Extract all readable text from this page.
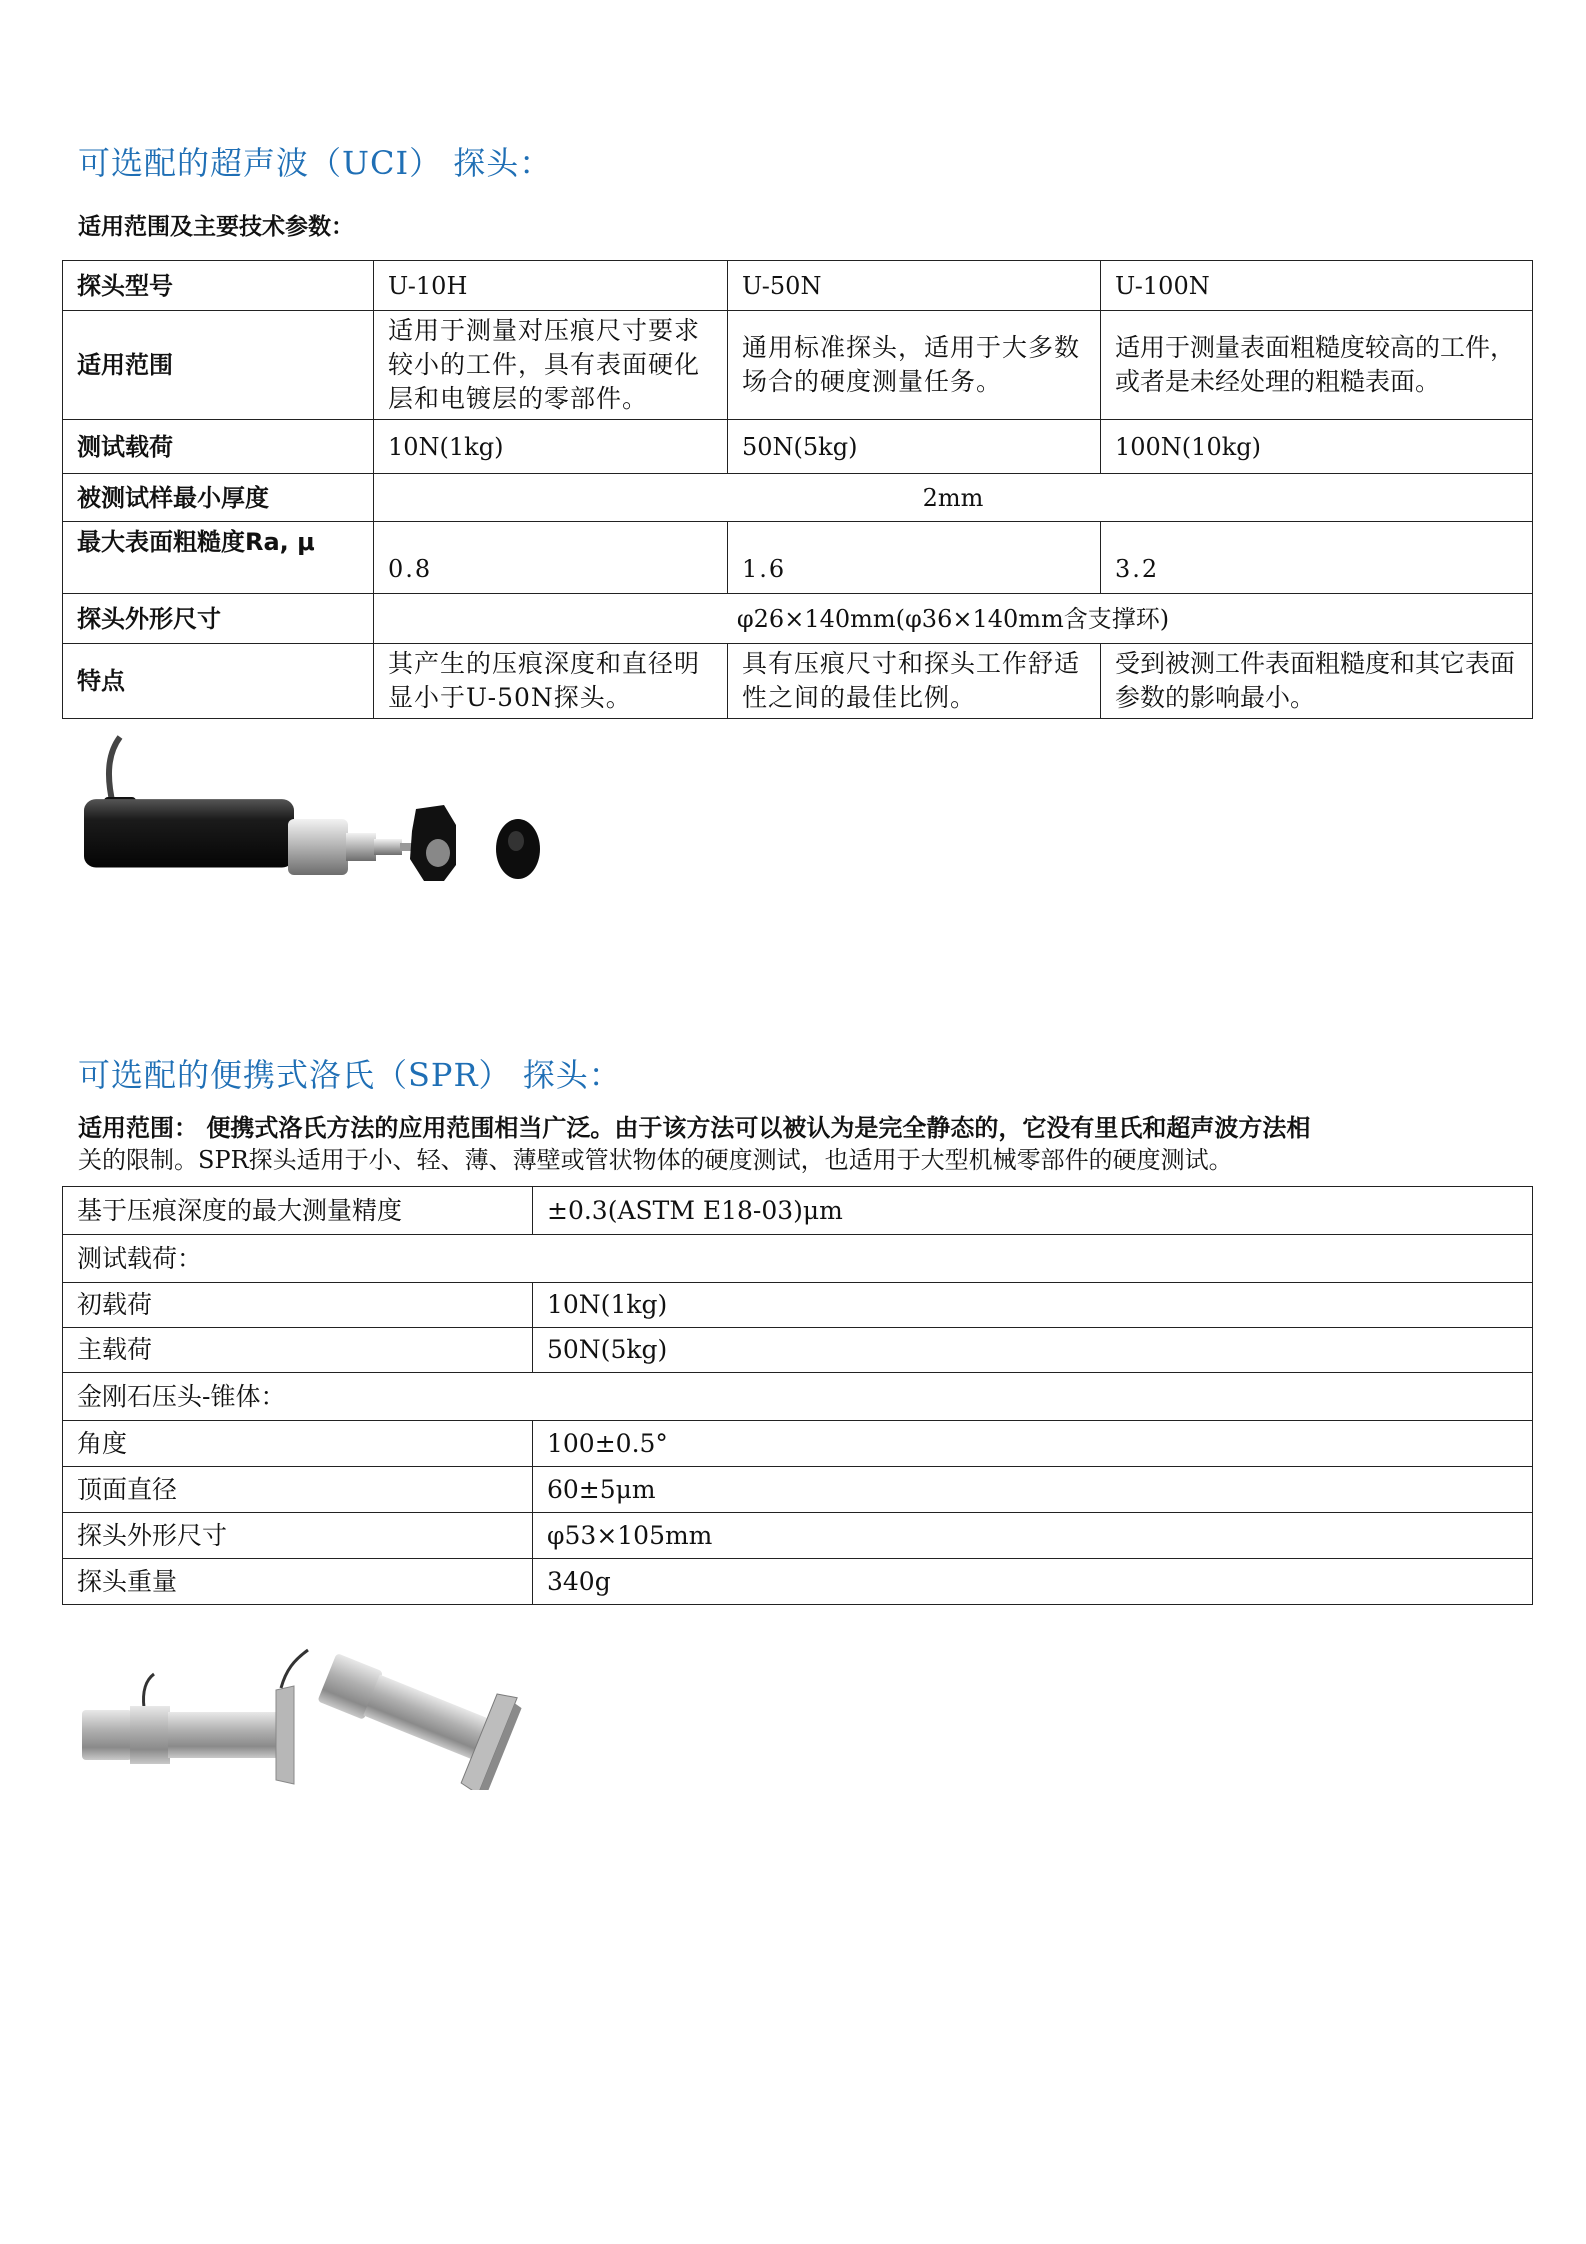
可选配的超声波（UCI） 探头：

适用范围及主要技术参数：

探头型号	U-10H	U-50N	U-100N
适用范围	适用于测量对压痕尺寸要求较小的工件，具有表面硬化层和电镀层的零部件。	通用标准探头，适用于大多数场合的硬度测量任务。	适用于测量表面粗糙度较高的工件，或者是未经处理的粗糙表面。
测试载荷	10N(1kg)	50N(5kg)	100N(10kg)
被测试样最小厚度	2mm		
最大表面粗糙度Ra, μ	0.8	1.6	3.2
探头外形尺寸	φ26×140mm(φ36×140mm含支撑环)		
特点	其产生的压痕深度和直径明显小于U-50N探头。	具有压痕尺寸和探头工作舒适性之间的最佳比例。	受到被测工件表面粗糙度和其它表面参数的影响最小。
可选配的便携式洛氏（SPR） 探头：

适用范围： 便携式洛氏方法的应用范围相当广泛。由于该方法可以被认为是完全静态的，它没有里氏和超声波方法相
关的限制。SPR探头适用于小、轻、薄、薄壁或管状物体的硬度测试，也适用于大型机械零部件的硬度测试。

基于压痕深度的最大测量精度	±0.3(ASTM E18-03)μm
测试载荷：	
初载荷	10N(1kg)
主载荷	50N(5kg)
金刚石压头-锥体：	
角度	100±0.5°
顶面直径	60±5μm
探头外形尺寸	φ53×105mm
探头重量	340g
